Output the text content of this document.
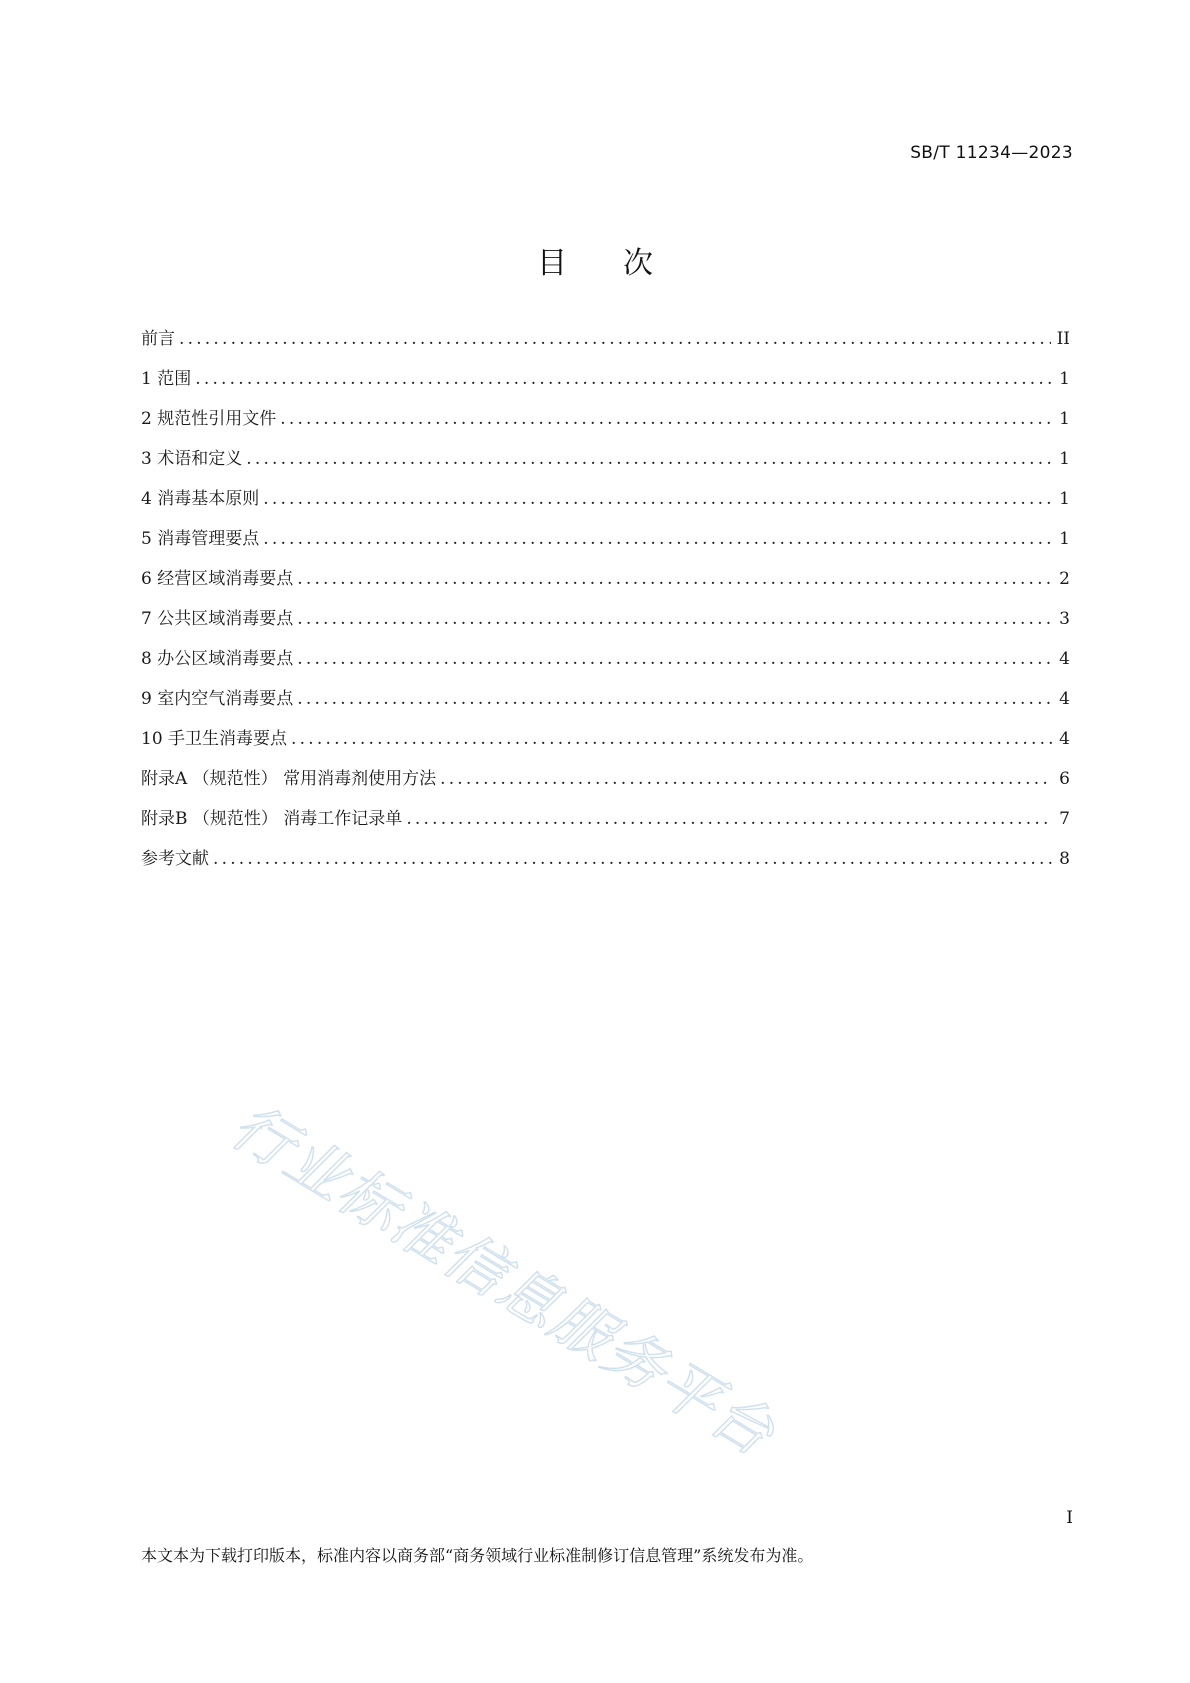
SB/T 11234—2023
目次
前言 .....	II
1 范围 .....	1
2 规范性引用文件 .....	1
3 术语和定义 .....	1
4 消毒基本原则 .....	1
5 消毒管理要点 .....	1
6 经营区域消毒要点 .....	2
7 公共区域消毒要点 .....	3
8 办公区域消毒要点 .....	4
9 室内空气消毒要点 .....	4
10 手卫生消毒要点 .....	4
附录A （规范性） 常用消毒剂使用方法 .....	6
附录B （规范性） 消毒工作记录单 .....	7
参考文献 .....	8
行业标准信息服务平台
I
本文本为下载打印版本，标准内容以商务部“商务领域行业标准制修订信息管理”系统发布为准。
